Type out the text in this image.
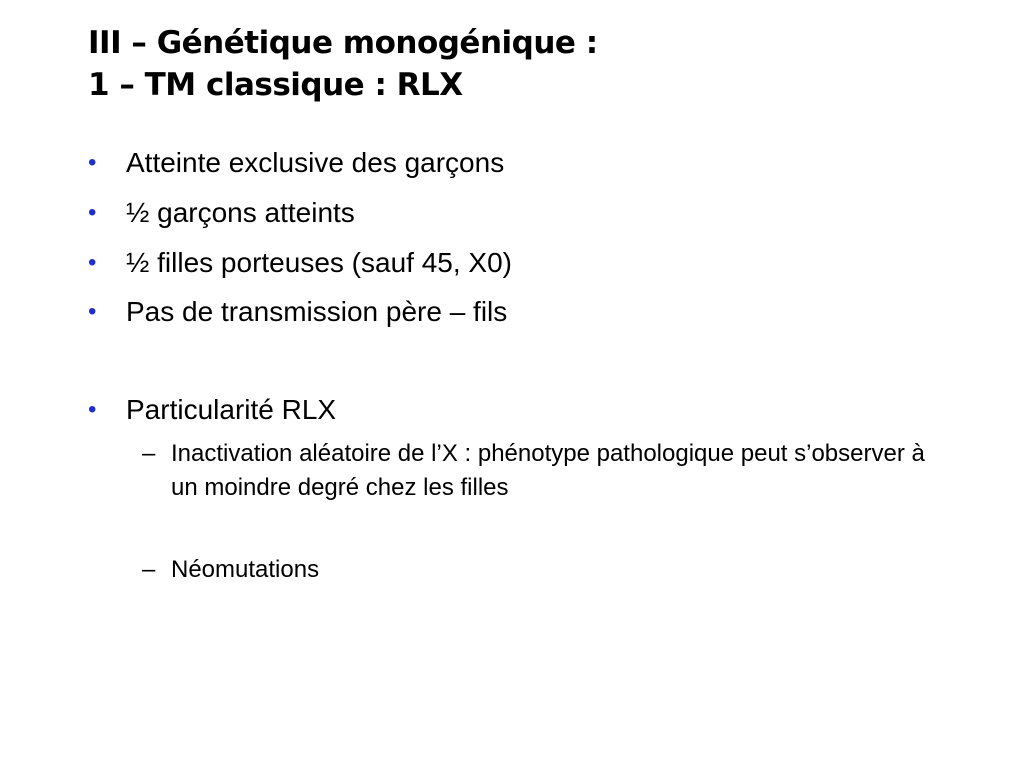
III – Génétique monogénique :
1 – TM classique : RLX
• Atteinte exclusive des garçons
• ½ garçons atteints
• ½ filles porteuses (sauf 45, X0)
• Pas de transmission père – fils
• Particularité RLX
– Inactivation aléatoire de l’X : phénotype pathologique peut s’observer à un moindre degré chez les filles
– Néomutations
